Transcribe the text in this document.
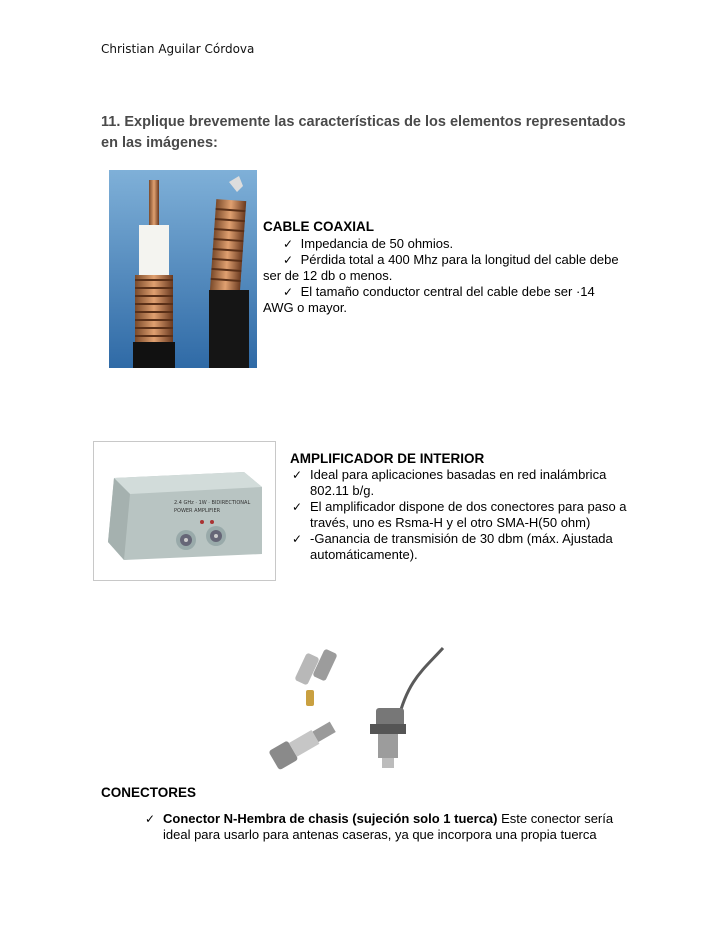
Christian Aguilar Córdova
11. Explique brevemente las características de los elementos representados en las imágenes:
CABLE COAXIAL
✓ Impedancia de 50 ohmios.
✓ Pérdida total a 400 Mhz para la longitud del cable debe
ser de 12 db o menos.
✓ El tamaño conductor central del cable debe ser ·14
AWG o mayor.
2.4 GHz · 1W · BIDIRECTIONAL
POWER AMPLIFIER
AMPLIFICADOR DE INTERIOR
✓ Ideal para aplicaciones basadas en red inalámbrica 802.11 b/g.
✓ El amplificador dispone de dos conectores para paso a través, uno es Rsma-H y el otro SMA-H(50 ohm)
✓ -Ganancia de transmisión de 30 dbm (máx. Ajustada automáticamente).
CONECTORES
✓ Conector N-Hembra de chasis (sujeción solo 1 tuerca) Este conector sería
ideal para usarlo para antenas caseras, ya que incorpora una propia tuerca
